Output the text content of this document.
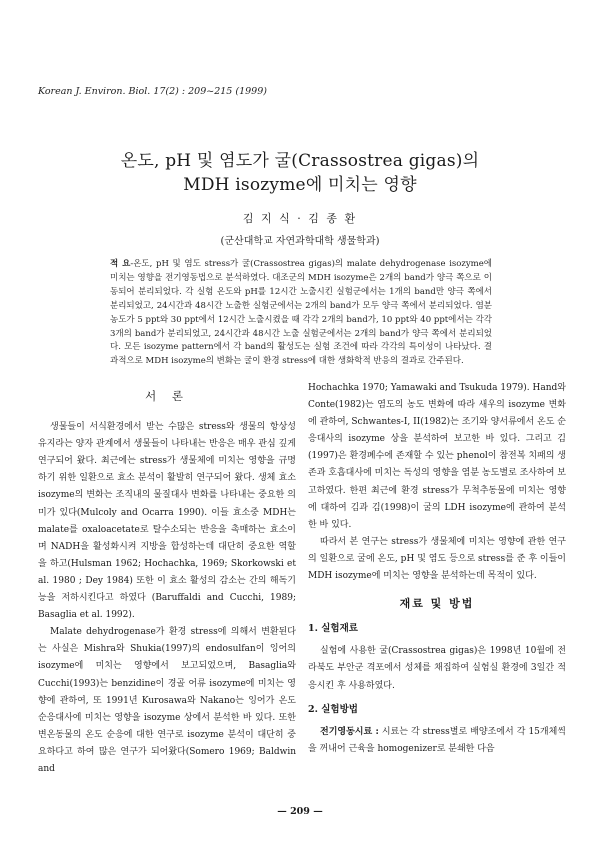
Korean J. Environ. Biol. 17(2) : 209~215 (1999)
온도, pH 및 염도가 굴(Crassostrea gigas)의
MDH isozyme에 미치는 영향
김 지 식 · 김 종 환
(군산대학교 자연과학대학 생물학과)
적 요-온도, pH 및 염도 stress가 굴(Crassostrea gigas)의 malate dehydrogenase isozyme에 미치는 영향을 전기영동법으로 분석하였다. 대조군의 MDH isozyme은 2개의 band가 양극 쪽으로 이동되어 분리되었다. 각 실험 온도와 pH를 12시간 노출시킨 실험군에서는 1개의 band만 양극 쪽에서 분리되었고, 24시간과 48시간 노출한 실험군에서는 2개의 band가 모두 양극 쪽에서 분리되었다. 염분 농도가 5 ppt와 30 ppt에서 12시간 노출시켰을 때 각각 2개의 band가, 10 ppt와 40 ppt에서는 각각 3개의 band가 분리되었고, 24시간과 48시간 노출 실험군에서는 2개의 band가 양극 쪽에서 분리되었다. 모든 isozyme pattern에서 각 band의 활성도는 실험 조건에 따라 각각의 특이성이 나타났다. 결과적으로 MDH isozyme의 변화는 굴이 환경 stress에 대한 생화학적 반응의 결과로 간주된다.
서 론

생물들이 서식환경에서 받는 수많은 stress와 생물의 항상성 유지라는 양자 관계에서 생물들이 나타내는 반응은 매우 관심 깊게 연구되어 왔다. 최근에는 stress가 생물체에 미치는 영향을 규명하기 위한 일환으로 효소 분석이 활발히 연구되어 왔다. 생체 효소 isozyme의 변화는 조직내의 물질대사 변화를 나타내는 중요한 의미가 있다(Mulcoly and Ocarra 1990). 이들 효소중 MDH는 malate를 oxaloacetate로 탈수소되는 반응을 촉매하는 효소이며 NADH을 활성화시켜 지방을 합성하는데 대단히 중요한 역할을 하고(Hulsman 1962; Hochachka, 1969; Skorkowski et al. 1980 ; Dey 1984) 또한 이 효소 활성의 감소는 간의 해독기능을 저하시킨다고 하였다 (Baruffaldi and Cucchi, 1989; Basaglia et al. 1992).

Malate dehydrogenase가 환경 stress에 의해서 변환된다는 사실은 Mishra와 Shukia(1997)의 endosulfan이 잉어의 isozyme에 미치는 영향에서 보고되었으며, Basaglia와 Cucchi(1993)는 benzidine이 경골 어류 isozyme에 미치는 영향에 관하여, 또 1991년 Kurosawa와 Nakano는 잉어가 온도 순응대사에 미치는 영향을 isozyme 상에서 분석한 바 있다. 또한 변온동물의 온도 순응에 대한 연구로 isozyme 분석이 대단히 중요하다고 하여 많은 연구가 되어왔다(Somero 1969; Baldwin and

Hochachka 1970; Yamawaki and Tsukuda 1979). Hand와 Conte(1982)는 염도의 농도 변화에 따라 새우의 isozyme 변화에 관하여, Schwantes-I, II(1982)는 조기와 양서류에서 온도 순응대사의 isozyme 상을 분석하여 보고한 바 있다. 그리고 김(1997)은 환경폐수에 존재할 수 있는 phenol이 참전복 치패의 생존과 호흡대사에 미치는 독성의 영향을 염분 농도별로 조사하여 보고하였다. 한편 최근에 환경 stress가 무척추동물에 미치는 영향에 대하여 김과 김(1998)이 굴의 LDH isozyme에 관하여 분석한 바 있다.

따라서 본 연구는 stress가 생물체에 미치는 영향에 관한 연구의 일환으로 굴에 온도, pH 및 염도 등으로 stress를 준 후 이들이 MDH isozyme에 미치는 영향을 분석하는데 목적이 있다.

재료 및 방법
1. 실험재료

실험에 사용한 굴(Crassostrea gigas)은 1998년 10월에 전라북도 부안군 격포에서 성체를 채집하여 실험실 환경에 3일간 적응시킨 후 사용하였다.

2. 실험방법

전기영동시료 : 시료는 각 stress별로 배양조에서 각 15개체씩을 꺼내어 근육을 homogenizer로 분쇄한 다음

— 209 —
